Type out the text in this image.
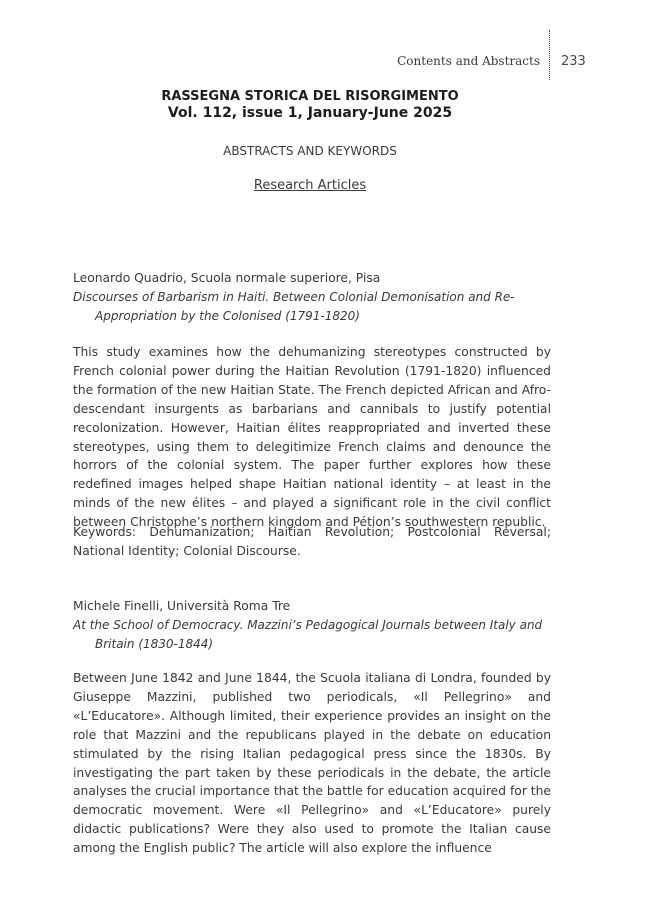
Contents and Abstracts 233
RASSEGNA STORICA DEL RISORGIMENTO
Vol. 112, issue 1, January-June 2025
ABSTRACTS AND KEYWORDS
Research Articles

Leonardo Quadrio, Scuola normale superiore, Pisa

Discourses of Barbarism in Haiti. Between Colonial Demonisation and Re-Appropriation by the Colonised (1791-1820)

This study examines how the dehumanizing stereotypes constructed by French colonial power during the Haitian Revolution (1791-1820) influenced the formation of the new Haitian State. The French depicted African and Afro-descendant insurgents as barbarians and cannibals to justify potential recolonization. However, Haitian élites reappropriated and inverted these stereotypes, using them to delegitimize French claims and denounce the horrors of the colonial system. The paper further explores how these redefined images helped shape Haitian national identity – at least in the minds of the new élites – and played a significant role in the civil conflict between Christophe’s northern kingdom and Pétion’s southwestern republic.

Keywords: Dehumanization; Haitian Revolution; Postcolonial Reversal; National Identity; Colonial Discourse.

Michele Finelli, Università Roma Tre

At the School of Democracy. Mazzini’s Pedagogical Journals between Italy and Britain (1830-1844)

Between June 1842 and June 1844, the Scuola italiana di Londra, founded by Giuseppe Mazzini, published two periodicals, «Il Pellegrino» and «L’Educatore». Although limited, their experience provides an insight on the role that Mazzini and the republicans played in the debate on education stimulated by the rising Italian pedagogical press since the 1830s. By investigating the part taken by these periodicals in the debate, the article analyses the crucial importance that the battle for education acquired for the democratic movement. Were «Il Pellegrino» and «L’Educatore» purely didactic publications? Were they also used to promote the Italian cause among the English public? The article will also explore the influence
